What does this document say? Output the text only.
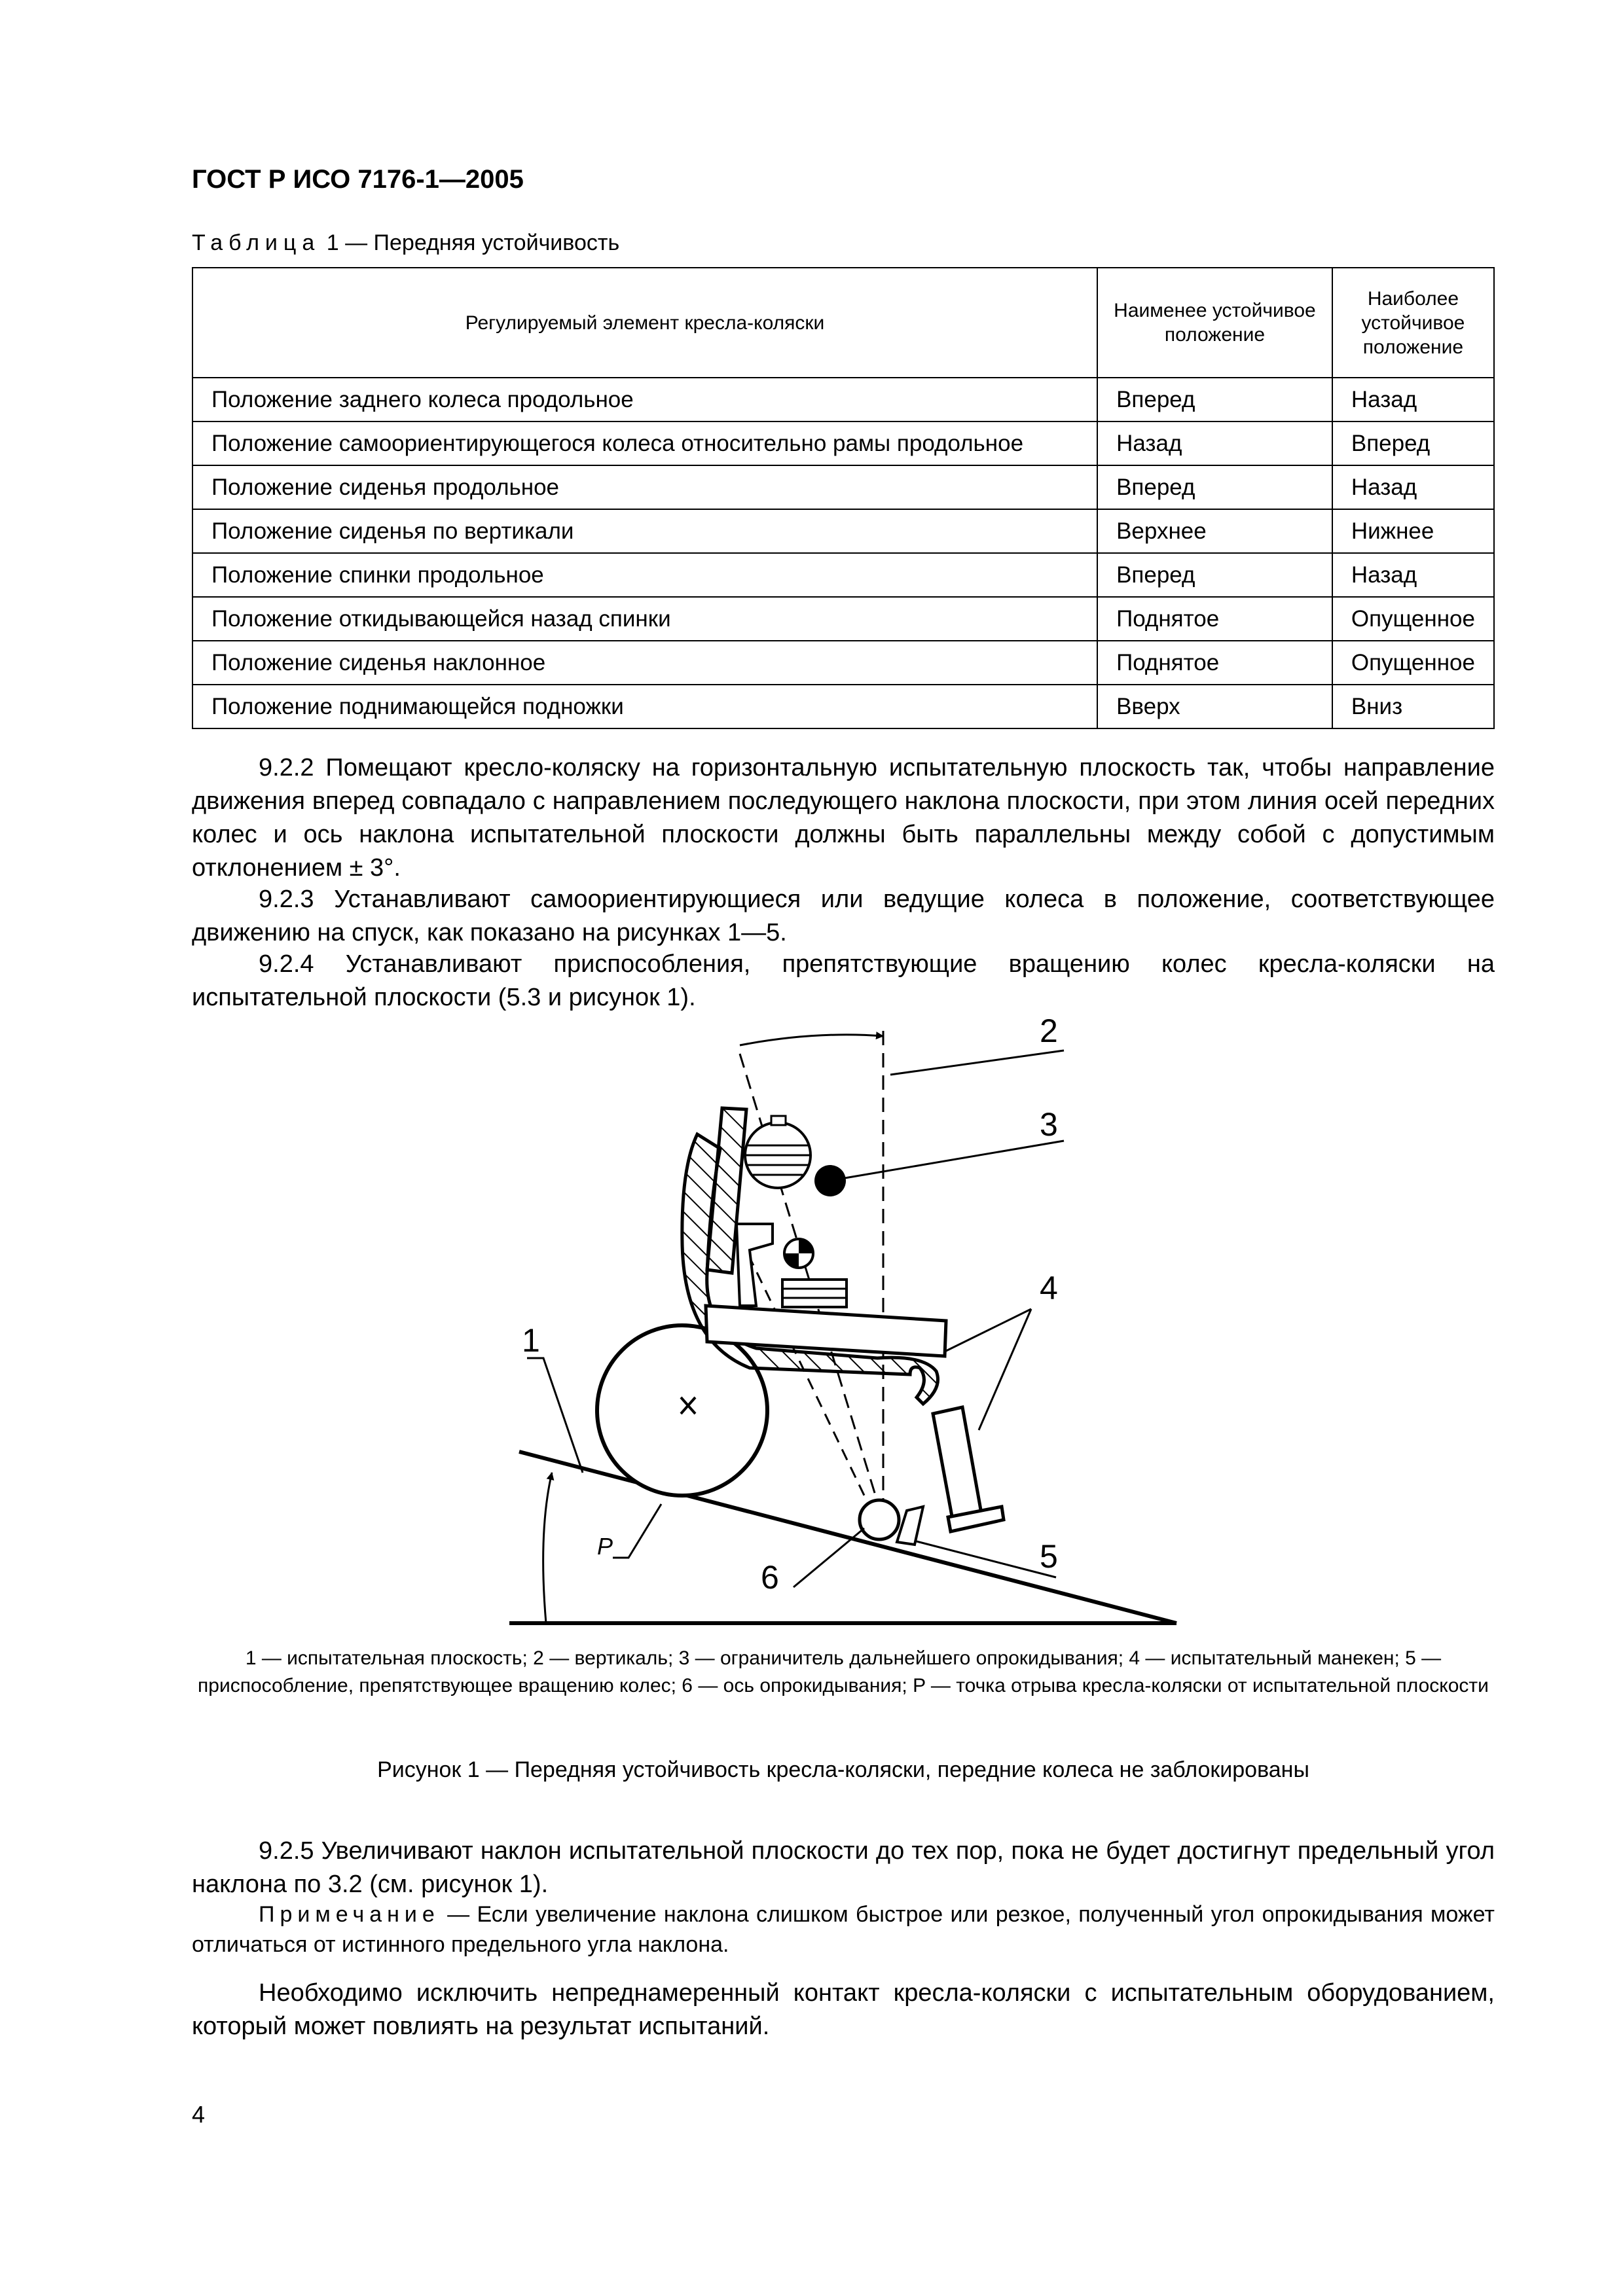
ГОСТ Р ИСО 7176-1—2005
Таблица 1 — Передняя устойчивость
Регулируемый элемент кресла-коляски	Наименее устойчивое положение	Наиболее устойчивое положение
Положение заднего колеса продольное	Вперед	Назад
Положение самоориентирующегося колеса относительно рамы продольное	Назад	Вперед
Положение сиденья продольное	Вперед	Назад
Положение сиденья по вертикали	Верхнее	Нижнее
Положение спинки продольное	Вперед	Назад
Положение откидывающейся назад спинки	Поднятое	Опущенное
Положение сиденья наклонное	Поднятое	Опущенное
Положение поднимающейся подножки	Вверх	Вниз
9.2.2 Помещают кресло-коляску на горизонтальную испытательную плоскость так, чтобы направление движения вперед совпадало с направлением последующего наклона плоскости, при этом линия осей передних колес и ось наклона испытательной плоскости должны быть параллельны между собой с допустимым отклонением ± 3°.
9.2.3 Устанавливают самоориентирующиеся или ведущие колеса в положение, соответствующее движению на спуск, как показано на рисунках 1—5.
9.2.4 Устанавливают приспособления, препятствующие вращению колес кресла-коляски на испытательной плоскости (5.3 и рисунок 1).
1
2
3
4
5
6
P
1 — испытательная плоскость; 2 — вертикаль; 3 — ограничитель дальнейшего опрокидывания; 4 — испытательный манекен; 5 — приспособление, препятствующее вращению колес; 6 — ось опрокидывания; P — точка отрыва кресла-коляски от испытательной плоскости
Рисунок 1 — Передняя устойчивость кресла-коляски, передние колеса не заблокированы
9.2.5 Увеличивают наклон испытательной плоскости до тех пор, пока не будет достигнут предельный угол наклона по 3.2 (см. рисунок 1).
Примечание — Если увеличение наклона слишком быстрое или резкое, полученный угол опрокидывания может отличаться от истинного предельного угла наклона.
Необходимо исключить непреднамеренный контакт кресла-коляски с испытательным оборудованием, который может повлиять на результат испытаний.
4
